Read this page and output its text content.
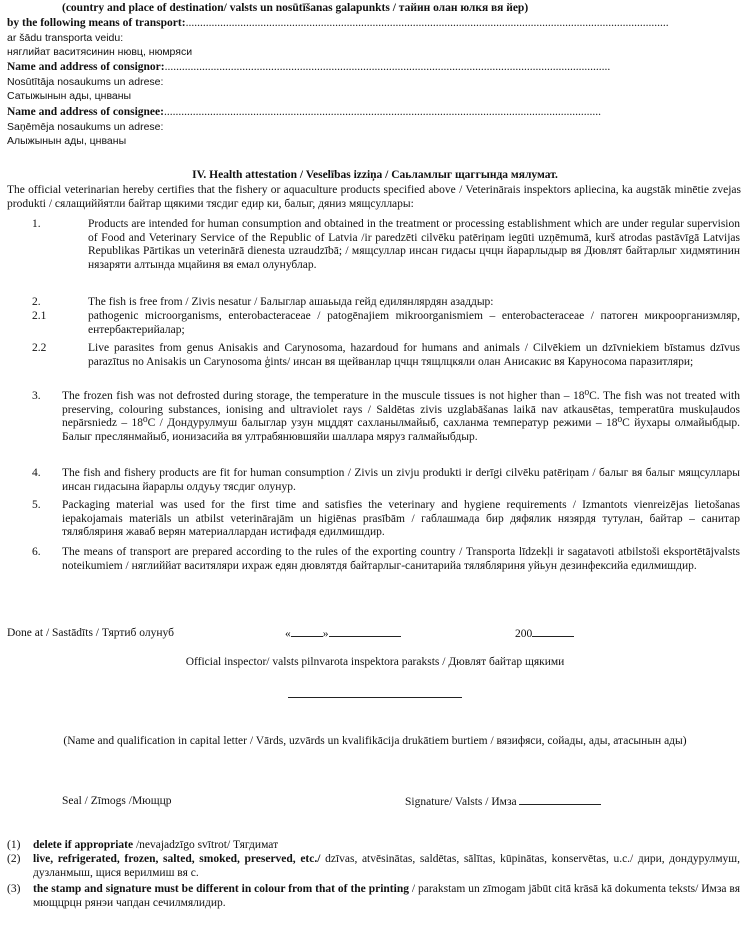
(country and place of destination/ valsts un nosūtīšanas galapunkts / тайин олан юлкя вя йер)
by the following means of transport:........................................................................................................................................................................
ar šādu transporta veidu:
няглийат васитясинин нювц, нюмряси
Name and address of consignor:...........................................................................................................................................................
Nosūtītāja nosaukums un adrese:
Сатыжынын ады, цнваны
Name and address of consignee:........................................................................................................................................................
Saņēmēja nosaukums un adrese:
Алыжынын ады, цнваны
IV. Health attestation / Veselības izziņa / Саьламлыг щаггында мялумат.
The official veterinarian hereby certifies that the fishery or aquaculture products specified above / Veterinārais inspektors apliecina, ka augstāk minētie zvejas produkti / сялащиййятли байтар щякими тясдиг едир ки, балыг, дяниз мящсуллары:
1.	Products are intended for human consumption and obtained in the treatment or processing establishment which are under regular supervision of Food and Veterinary Service of the Republic of Latvia /ir paredzēti cilvēku patēriņam iegūti uzņēmumā, kurš atrodas pastāvīgā Latvijas Republikas Pārtikas un veterinārā dienesta uzraudzībā; / мящсуллар инсан гидасы цчцн йарарлыдыр вя Дювлят байтарлыг хидмятинин нязаряти алтында мцайиня вя емал олунублар.
2.	The fish is free from / Zivis nesatur / Балыглар ашаьыда гейд едилянлярдян азаддыр:
2.1	pathogenic microorganisms, enterobacteraceae / patogēnajiem mikroorganismiem – enterobacteraceae / патоген микроорганизмляр, ентербактерийалар;
2.2	Live parasites from genus Anisakis and Carynosoma, hazardoud for humans and animals / Cilvēkiem un dzīvniekiem bīstamus dzīvus parazītus no Anisakis un Carynosoma ģints/ инсан вя щейванлар цчцн тящлцкяли олан Анисакис вя Каруносома паразитляри;
3. The frozen fish was not defrosted during storage, the temperature in the muscule tissues is not higher than – 18⁰C. The fish was not treated with preserving, colouring substances, ionising and ultraviolet rays / Saldētas zivis uzglabāšanas laikā nav atkausētas, temperatūra muskuļaudos nepārsniedz – 18⁰C / Дондурулмуш балыглар узун мцддят сахланылмайыб, сахланма температур режими – 18⁰C йухары олмайыбдыр. Балыг преслянмайыб, ионизасийа вя ултрабянювшяйи шалларa мяруз галмайыбдыр.
4. The fish and fishery products are fit for human consumption / Zivis un zivju produkti ir derīgi cilvēku patēriņam / балыг вя балыг мящсуллары инсан гидасына йарарлы олдуьу тясдиг олунур.
5. Packaging material was used for the first time and satisfies the veterinary and hygiene requirements / Izmantots vienreizējas lietošanas iepakojamais materiāls un atbilst veterinārajām un higiēnas prasībām / габлашмада бир дяфялик нязярдя тутулан, байтар – санитар тялябляриня жаваб верян материаллардан истифадя едилмишдир.
6. The means of transport are prepared according to the rules of the exporting country / Transporta līdzekļi ir sagatavoti atbilstoši eksportētājvalsts noteikumiem / няглиййат васитяляри ихраж едян дювлятдя байтарлыг-санитарийа тялябляриня уйьун дезинфексийа едилмишдир.
Done at / Sastādīts / Тяртиб олунуб	«	»	200
Official inspector/ valsts pilnvarota inspektora paraksts / Дювлят байтар щякими
(Name and qualification in capital letter / Vārds, uzvārds un kvalifikācija drukātiem burtiem / вязифяси, сойады, ады, атасынын ады)
Seal / Zīmogs /Мющцр	Signature/ Valsts / Имза
(1) delete if appropriate /nevajadzīgo svītrot/ Тягдимат
(2) live, refrigerated, frozen, salted, smoked, preserved, etc./ dzīvas, atvēsinātas, saldētas, sālītas, kūpinātas, konservētas, u.c./ дири, дондурулмуш, дузланмыш, щися верилмиш вя с.
(3) the stamp and signature must be different in colour from that of the printing / parakstam un zīmogam jābūt citā krāsā kā dokumenta teksts/ Имза вя мющцрцн рянэи чапдан сечилмялидир.
